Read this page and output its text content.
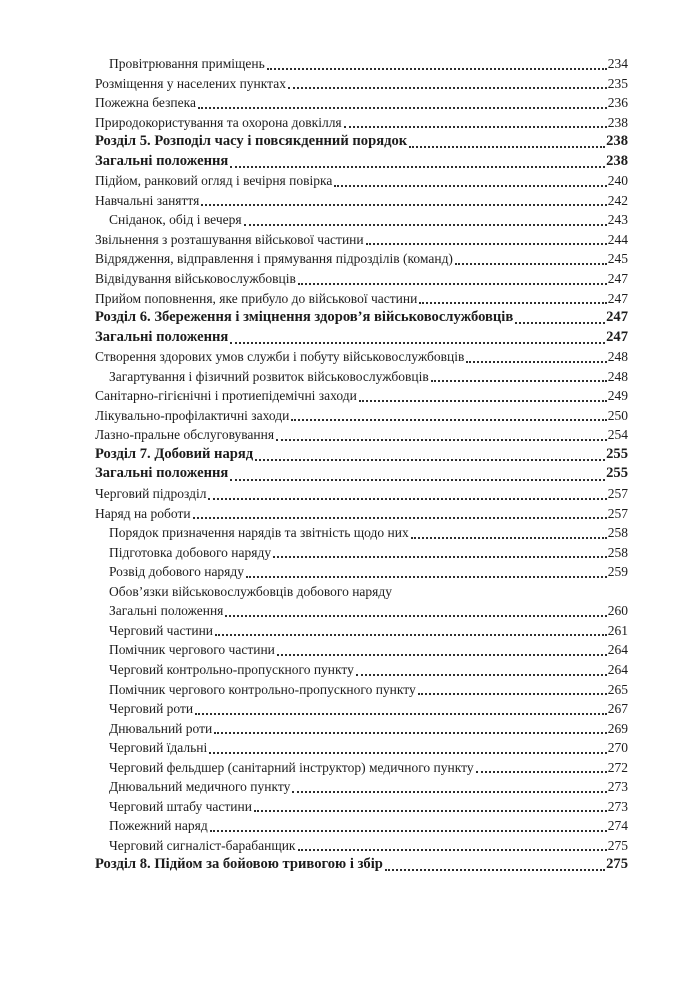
Провітрювання приміщень	234
Розміщення у населених пунктах	235
Пожежна безпека	236
Природокористування та охорона довкілля	238
Розділ 5. Розподіл часу і повсякденний порядок	238
Загальні положення	238
Підйом, ранковий огляд і вечірня повірка	240
Навчальні заняття	242
Сніданок, обід і вечеря	243
Звільнення з розташування військової частини	244
Відрядження, відправлення і прямування підрозділів (команд)	245
Відвідування військовослужбовців	247
Прийом поповнення, яке прибуло до військової частини	247
Розділ 6. Збереження і зміцнення здоров’я військовослужбовців	247
Загальні положення	247
Створення здорових умов служби і побуту військовослужбовців	248
Загартування і фізичний розвиток військовослужбовців	248
Санітарно-гігієнічні і протиепідемічні заходи	249
Лікувально-профілактичні заходи	250
Лазно-пральне обслуговування	254
Розділ 7. Добовий наряд	255
Загальні положення	255
Черговий підрозділ	257
Наряд на роботи	257
Порядок призначення нарядів та звітність щодо них	258
Підготовка добового наряду	258
Розвід добового наряду	259
Обов’язки військовослужбовців добового наряду
Загальні положення	260
Черговий частини	261
Помічник чергового частини	264
Черговий контрольно-пропускного пункту	264
Помічник чергового контрольно-пропускного пункту	265
Черговий роти	267
Днювальний роти	269
Черговий їдальні	270
Черговий фельдшер (санітарний інструктор) медичного пункту	272
Днювальний медичного пункту	273
Черговий штабу частини	273
Пожежний наряд	274
Черговий сигналіст-барабанщик	275
Розділ 8. Підйом за бойовою тривогою і збір	275
